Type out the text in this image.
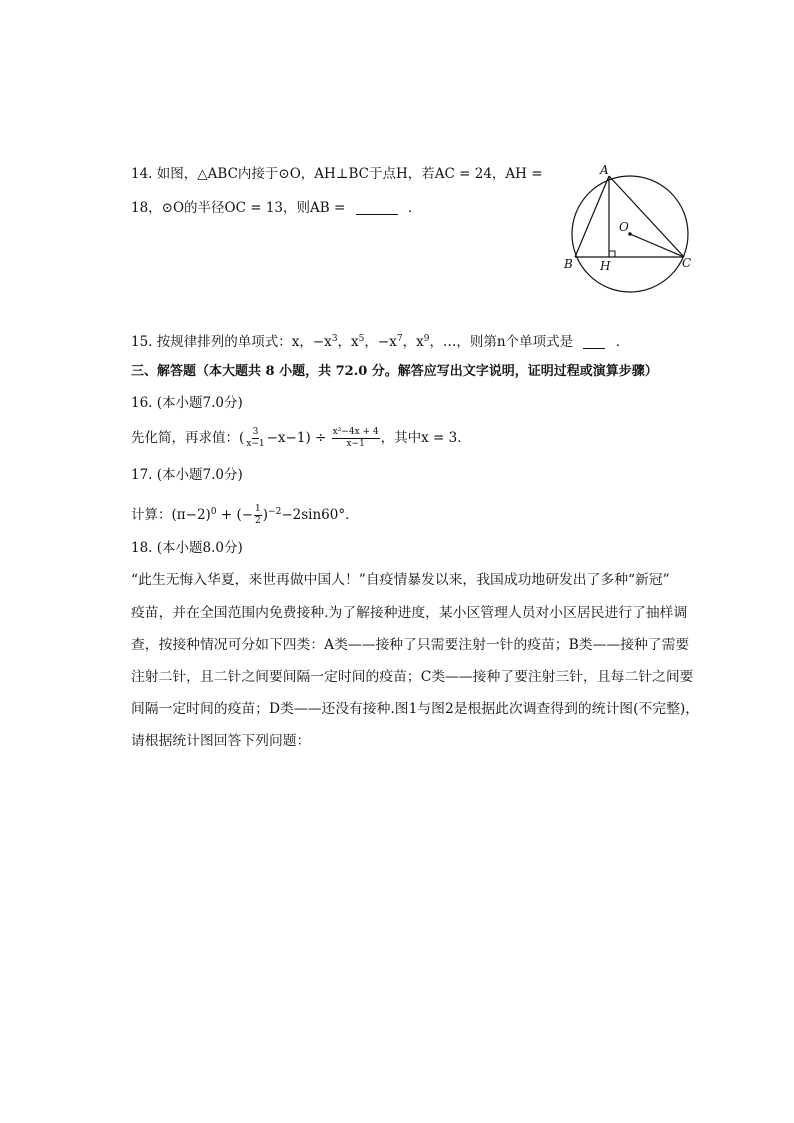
14. 如图，△ABC内接于⊙O，AH⊥BC于点H，若AC = 24，AH =
18，⊙O的半径OC = 13，则AB =	．
A
B	C
H
O
15. 按规律排列的单项式：x，$-x^3$，$x^5$，$-x^7$，$x^9$，…，则第n个单项式是	．
三、解答题（本大题共 8 小题，共 72.0 分。解答应写出文字说明，证明过程或演算步骤）
16. (本小题7.0分)
先化简，再求值：( $\frac{3}{x-1} -x-1) \div \frac{\text{x²−4x + 4}}{x-1}$ ，其中x = 3．
17. (本小题7.0分)
计算：$(\pi-2)^0$ + (− $\frac{1}{2} )^{-2}-2\sin 60^\circ$．
18. (本小题8.0分)
“此生无悔入华夏，来世再做中国人！”自疫情暴发以来，我国成功地研发出了多种“新冠”
疫苗，并在全国范围内免费接种.为了解接种进度，某小区管理人员对小区居民进行了抽样调
查，按接种情况可分如下四类：A类——接种了只需要注射一针的疫苗；B类——接种了需要
注射二针，且二针之间要间隔一定时间的疫苗；C类——接种了要注射三针，且每二针之间要
间隔一定时间的疫苗；D类——还没有接种.图1与图2是根据此次调查得到的统计图(不完整)，
请根据统计图回答下列问题：
